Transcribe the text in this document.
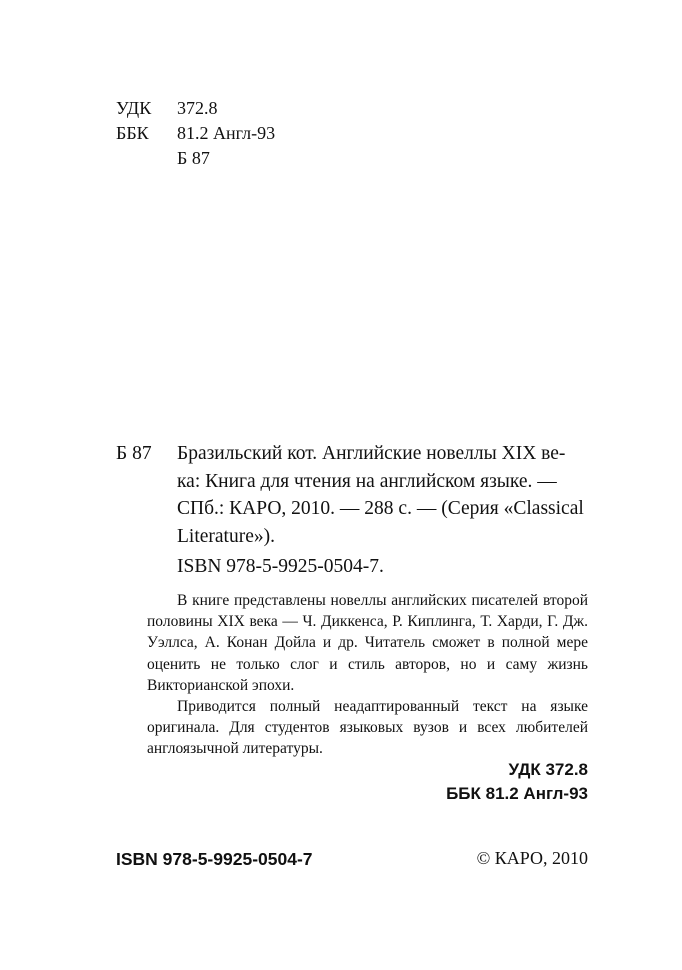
УДК 372.8
ББК 81.2 Англ-93
Б 87
Б 87 Бразильский кот. Английские новеллы XIX ве-
ка: Книга для чтения на английском языке. —
СПб.: КАРО, 2010. — 288 с. — (Серия «Classical
Literature»).
ISBN 978-5-9925-0504-7.

В книге представлены новеллы английских писателей второй половины XIX века — Ч. Диккенса, Р. Киплинга, Т. Харди, Г. Дж. Уэллса, А. Конан Дойла и др. Читатель сможет в полной мере оценить не только слог и стиль авторов, но и саму жизнь Викторианской эпохи.

Приводится полный неадаптированный текст на языке оригинала. Для студентов языковых вузов и всех любителей англоязычной литературы.

УДК 372.8
ББК 81.2 Англ-93
ISBN 978-5-9925-0504-7	© КАРО, 2010
